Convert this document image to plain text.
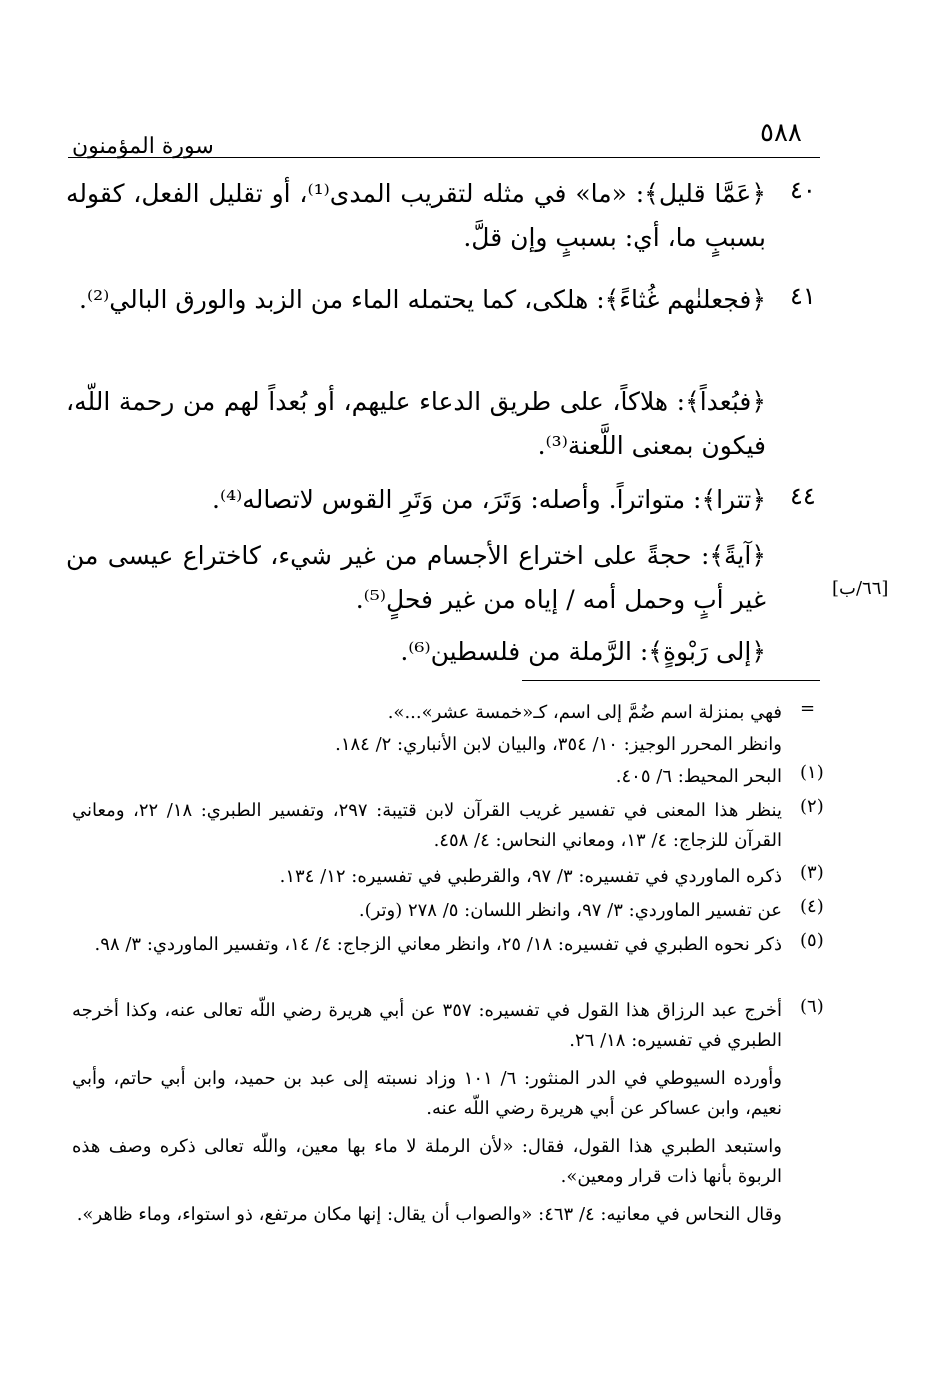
٥٨٨
سورة المؤمنون
٤٠
﴿عَمَّا قليل﴾: «ما» في مثله لتقريب المدى⁽¹⁾، أو تقليل الفعل، كقوله بسببٍ ما، أي: بسببٍ وإن قلَّ.
٤١
﴿فجعلنٰهم غُثاءً﴾: هلكى، كما يحتمله الماء من الزبد والورق البالي⁽²⁾.
﴿فبُعداً﴾: هلاكاً، على طريق الدعاء عليهم، أو بُعداً لهم من رحمة اللّه، فيكون بمعنى اللَّعنة⁽³⁾.
٤٤
﴿تترا﴾: متواتراً. وأصله: وَتَرَ، من وَتَرِ القوس لاتصاله⁽⁴⁾.
﴿آيةً﴾: حجةً على اختراع الأجسام من غير شيء، كاختراع عيسى من غير أبٍ وحمل أمه / إياه من غير فحلٍ⁽⁵⁾.	[٦٦/ب]
﴿إلى رَبْوةٍ﴾: الرَّملة من فلسطين⁽⁶⁾.
=
فهي بمنزلة اسم ضُمَّ إلى اسم، كـ«خمسة عشر»...».
وانظر المحرر الوجيز: ١٠/ ٣٥٤، والبيان لابن الأنباري: ٢/ ١٨٤.
(١)
البحر المحيط: ٦/ ٤٠٥.
(٢)
ينظر هذا المعنى في تفسير غريب القرآن لابن قتيبة: ٢٩٧، وتفسير الطبري: ١٨/ ٢٢، ومعاني القرآن للزجاج: ٤/ ١٣، ومعاني النحاس: ٤/ ٤٥٨.
(٣)
ذكره الماوردي في تفسيره: ٣/ ٩٧، والقرطبي في تفسيره: ١٢/ ١٣٤.
(٤)
عن تفسير الماوردي: ٣/ ٩٧، وانظر اللسان: ٥/ ٢٧٨ (وتر).
(٥)
ذكر نحوه الطبري في تفسيره: ١٨/ ٢٥، وانظر معاني الزجاج: ٤/ ١٤، وتفسير الماوردي: ٣/ ٩٨.
(٦)
أخرج عبد الرزاق هذا القول في تفسيره: ٣٥٧ عن أبي هريرة رضي اللّه تعالى عنه، وكذا أخرجه الطبري في تفسيره: ١٨/ ٢٦.
وأورده السيوطي في الدر المنثور: ٦/ ١٠١ وزاد نسبته إلى عبد بن حميد، وابن أبي حاتم، وأبي نعيم، وابن عساكر عن أبي هريرة رضي اللّه عنه.
واستبعد الطبري هذا القول، فقال: «لأن الرملة لا ماء بها معين، واللّه تعالى ذكره وصف هذه الربوة بأنها ذات قرار ومعين».
وقال النحاس في معانيه: ٤/ ٤٦٣: «والصواب أن يقال: إنها مكان مرتفع، ذو استواء، وماء ظاهر».
